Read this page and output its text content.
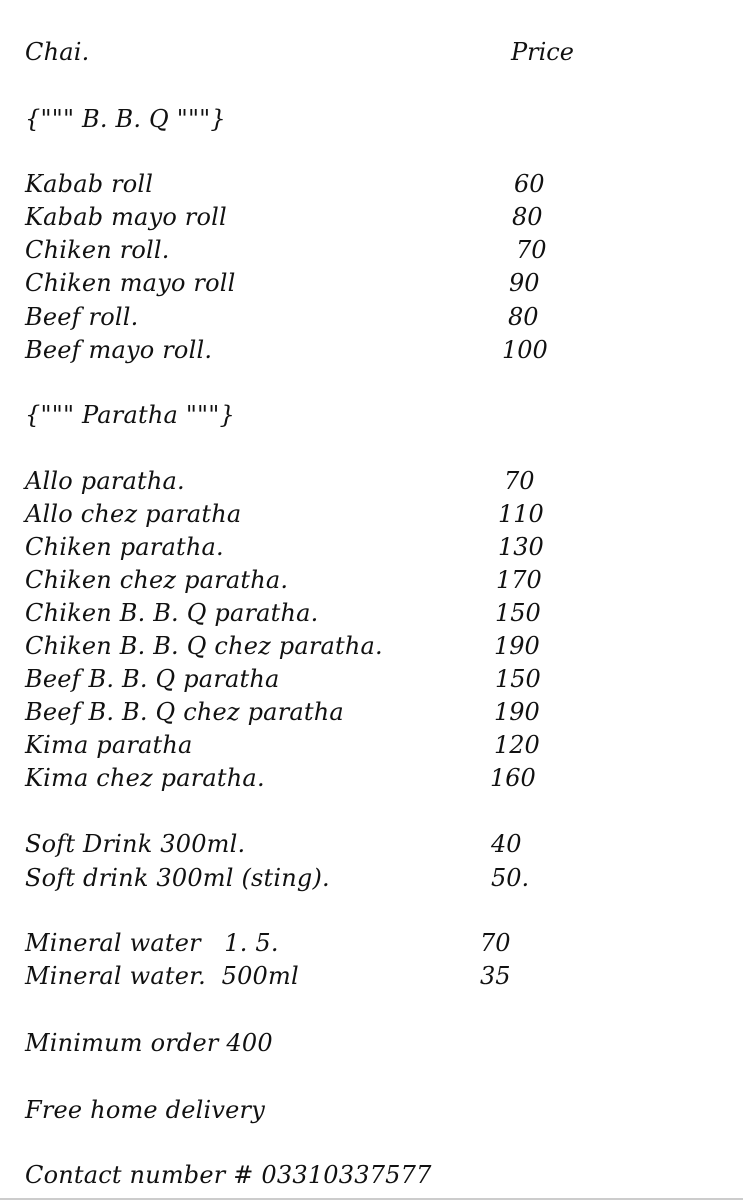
Chai.	Price
{""" B. B. Q """}
Kabab roll	60
Kabab mayo roll	80
Chiken roll.	70
Chiken mayo roll	90
Beef roll.	80
Beef mayo roll.	100
{""" Paratha """}
Allo paratha.	70
Allo chez paratha	110
Chiken paratha.	130
Chiken chez paratha.	170
Chiken B. B. Q paratha.	150
Chiken B. B. Q chez paratha.	190
Beef B. B. Q paratha	150
Beef B. B. Q chez paratha	190
Kima paratha	120
Kima chez paratha.	160
Soft Drink 300ml.	40
Soft drink 300ml (sting).	50.
Mineral water   1. 5.	70
Mineral water.  500ml	35
Minimum order 400
Free home delivery
Contact number # 03310337577
